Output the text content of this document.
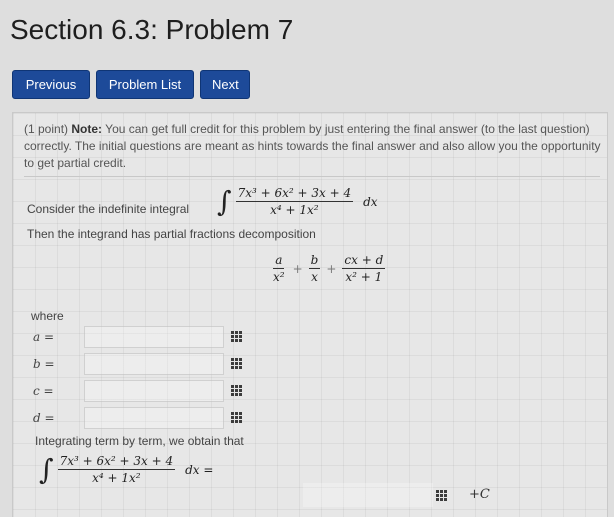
Section 6.3: Problem 7
Previous	Problem List	Next
(1 point) Note: You can get full credit for this problem by just entering the final answer (to the last question) correctly. The initial questions are meant as hints towards the final answer and also allow you the opportunity to get partial credit.
Consider the indefinite integral ∫ $\frac{\text{7x³ + 6x² + 3x + 4}}{\text{x⁴ + 1x²}}$ dx
Then the integrand has partial fractions decomposition
$\frac{a}{\text{x²}} + \frac{b}{x} + \frac{cx + d}{\text{x² + 1}}$
where
a =
b =
c =
d =
Integrating term by term, we obtain that
∫ $\frac{\text{7x³ + 6x² + 3x + 4}}{\text{x⁴ + 1x²}}$ dx =
+C
